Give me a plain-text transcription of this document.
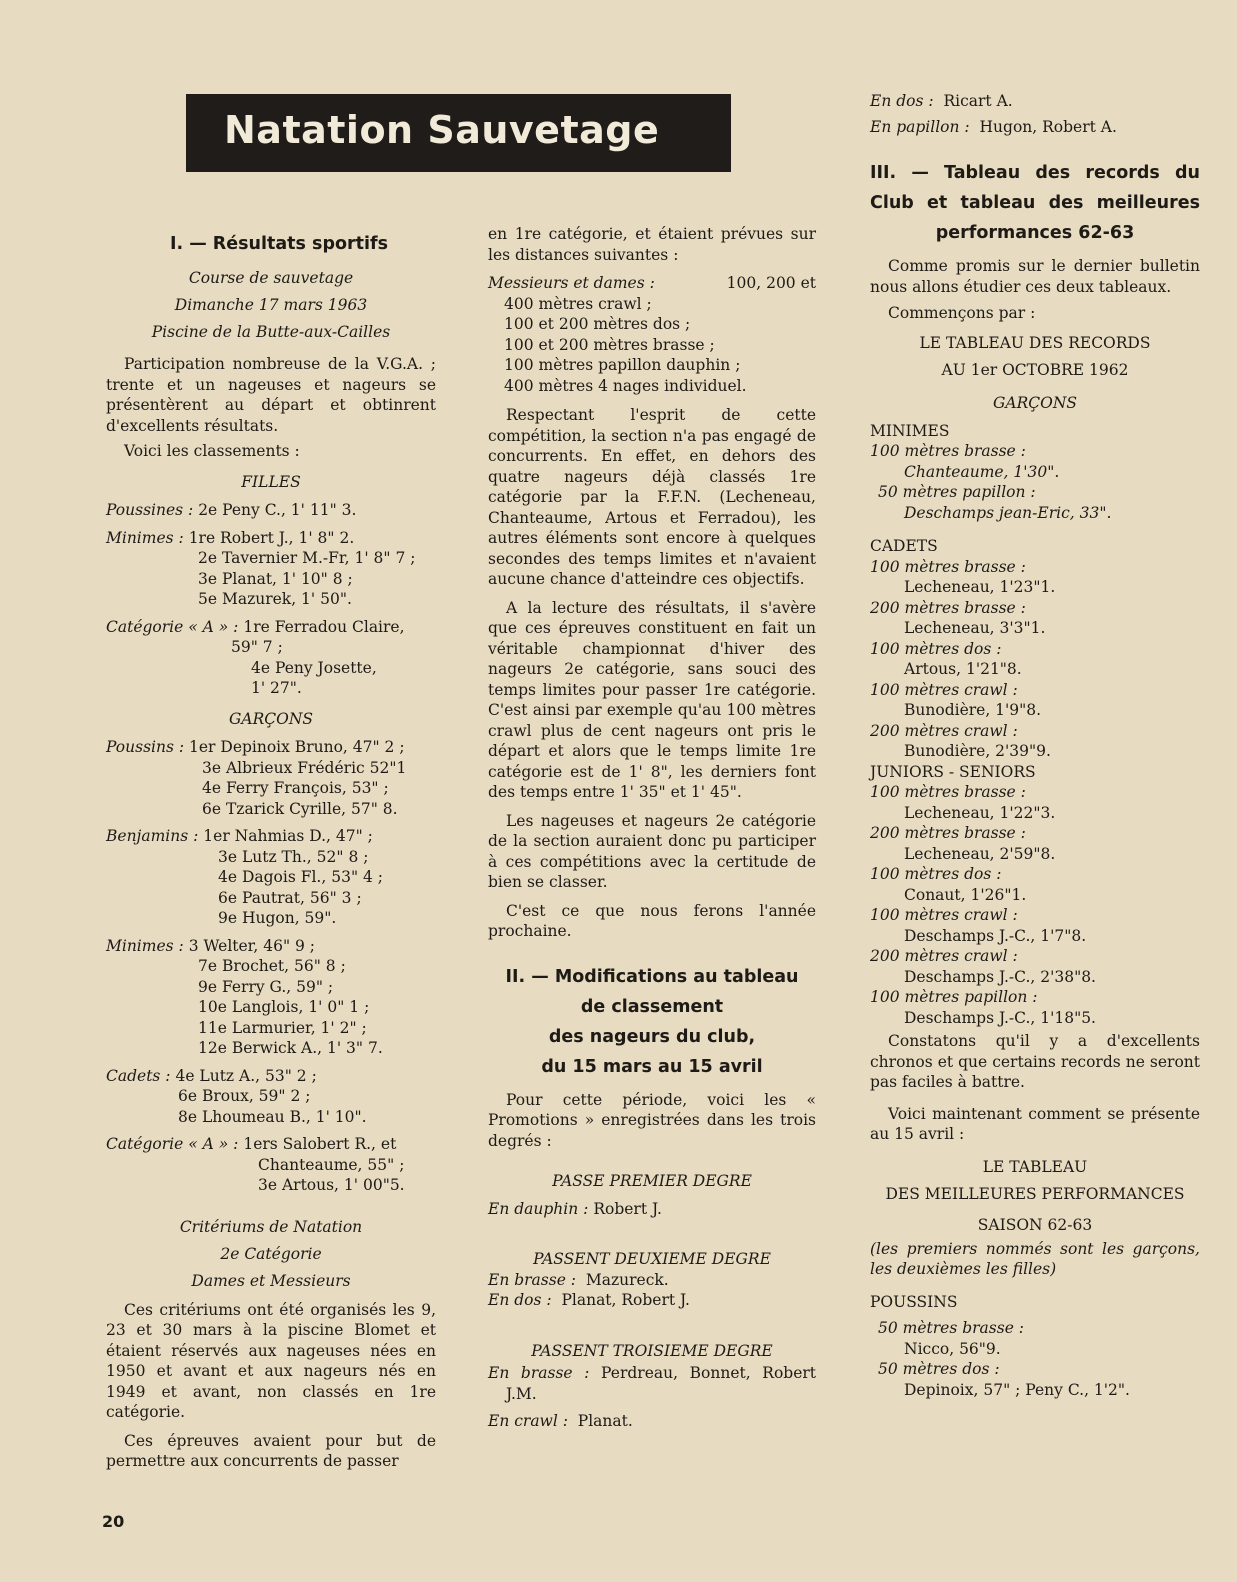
Natation Sauvetage

I. — Résultats sportifs

Course de sauvetage

Dimanche 17 mars 1963

Piscine de la Butte-aux-Cailles

Participation nombreuse de la V.G.A. ; trente et un nageuses et nageurs se présentèrent au départ et obtinrent d'excellents résultats.

Voici les classements :

FILLES

Poussines :
2e Peny C., 1' 11" 3.
Minimes :
1re Robert J., 1' 8" 2.

2e Tavernier M.-Fr, 1' 8" 7 ;

3e Planat, 1' 10" 8 ;

5e Mazurek, 1' 50".

Catégorie « A » :
1re Ferradou Claire,

59" 7 ;

4e Peny Josette,

1' 27".

GARÇONS

Poussins :
1er Depinoix Bruno, 47" 2 ;

3e Albrieux Frédéric 52"1

4e Ferry François, 53" ;

6e Tzarick Cyrille, 57" 8.

Benjamins :
1er Nahmias D., 47" ;

3e Lutz Th., 52" 8 ;

4e Dagois Fl., 53" 4 ;

6e Pautrat, 56" 3 ;

9e Hugon, 59".

Minimes :
3 Welter, 46" 9 ;

7e Brochet, 56" 8 ;

9e Ferry G., 59" ;

10e Langlois, 1' 0" 1 ;

11e Larmurier, 1' 2" ;

12e Berwick A., 1' 3" 7.

Cadets :
4e Lutz A., 53" 2 ;

6e Broux, 59" 2 ;

8e Lhoumeau B., 1' 10".

Catégorie « A » :
1ers Salobert R., et

Chanteaume, 55" ;

3e Artous, 1' 00"5.

Critériums de Natation

2e Catégorie

Dames et Messieurs

Ces critériums ont été organisés les 9, 23 et 30 mars à la piscine Blomet et étaient réservés aux nageuses nées en 1950 et avant et aux nageurs nés en 1949 et avant, non classés en 1re catégorie.

Ces épreuves avaient pour but de permettre aux concurrents de passer

en 1re catégorie, et étaient prévues sur les distances suivantes :

Messieurs et dames :	100, 200 et

400 mètres crawl ;

100 et 200 mètres dos ;

100 et 200 mètres brasse ;

100 mètres papillon dauphin ;

400 mètres 4 nages individuel.

Respectant l'esprit de cette compétition, la section n'a pas engagé de concurrents. En effet, en dehors des quatre nageurs déjà classés 1re catégorie par la F.F.N. (Lecheneau, Chanteaume, Artous et Ferradou), les autres éléments sont encore à quelques secondes des temps limites et n'avaient aucune chance d'atteindre ces objectifs.

A la lecture des résultats, il s'avère que ces épreuves constituent en fait un véritable championnat d'hiver des nageurs 2e catégorie, sans souci des temps limites pour passer 1re catégorie. C'est ainsi par exemple qu'au 100 mètres crawl plus de cent nageurs ont pris le départ et alors que le temps limite 1re catégorie est de 1' 8", les derniers font des temps entre 1' 35" et 1' 45".

Les nageuses et nageurs 2e catégorie de la section auraient donc pu participer à ces compétitions avec la certitude de bien se classer.

C'est ce que nous ferons l'année prochaine.

II. — Modifications au tableau

de classement

des nageurs du club,

du 15 mars au 15 avril

Pour cette période, voici les « Promotions » enregistrées dans les trois degrés :

PASSE PREMIER DEGRE

En dauphin :
Robert J.

PASSENT DEUXIEME DEGRE

En brasse :
Mazureck.
En dos :
Planat, Robert J.

PASSENT TROISIEME DEGRE

En brasse : Perdreau, Bonnet, Robert J.M.

En crawl :
Planat.
En dos :
Ricart A.
En papillon :
Hugon, Robert A.

III. — Tableau des records du

Club et tableau des meilleures

performances 62-63

Comme promis sur le dernier bulletin nous allons étudier ces deux tableaux.

Commençons par :

LE TABLEAU DES RECORDS

AU 1er OCTOBRE 1962

GARÇONS

MINIMES

100 mètres brasse :

Chanteaume, 1'30".

50 mètres papillon :

Deschamps jean-Eric, 33".

CADETS

100 mètres brasse :

Lecheneau, 1'23"1.

200 mètres brasse :

Lecheneau, 3'3"1.

100 mètres dos :

Artous, 1'21"8.

100 mètres crawl :

Bunodière, 1'9"8.

200 mètres crawl :

Bunodière, 2'39"9.

JUNIORS - SENIORS

100 mètres brasse :

Lecheneau, 1'22"3.

200 mètres brasse :

Lecheneau, 2'59"8.

100 mètres dos :

Conaut, 1'26"1.

100 mètres crawl :

Deschamps J.-C., 1'7"8.

200 mètres crawl :

Deschamps J.-C., 2'38"8.

100 mètres papillon :

Deschamps J.-C., 1'18"5.

Constatons qu'il y a d'excellents chronos et que certains records ne seront pas faciles à battre.

Voici maintenant comment se présente au 15 avril :

LE TABLEAU

DES MEILLEURES PERFORMANCES

SAISON 62-63

(les premiers nommés sont les garçons, les deuxièmes les filles)

POUSSINS

50 mètres brasse :

Nicco, 56"9.

50 mètres dos :

Depinoix, 57" ; Peny C., 1'2".

20
